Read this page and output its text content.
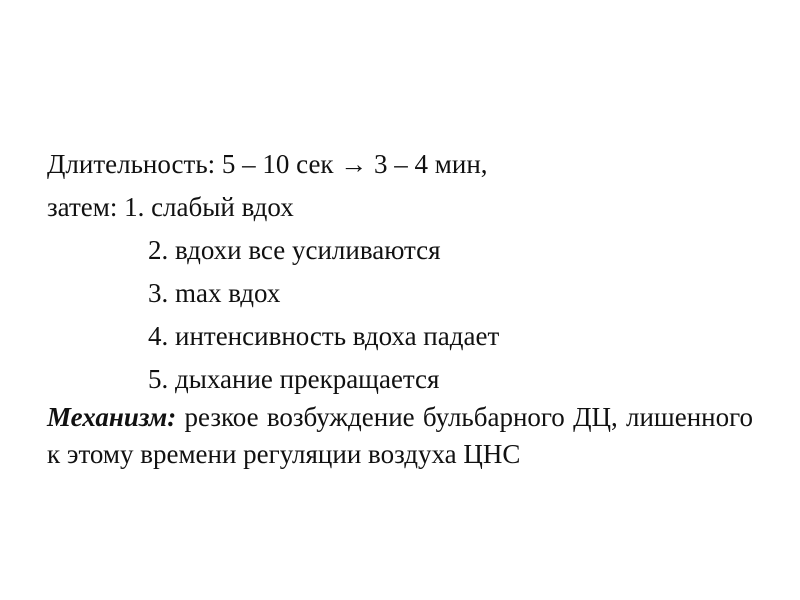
Длительность: 5 – 10 сек → 3 – 4 мин,
затем: 1. слабый вдох
2. вдохи все усиливаются
3. max вдох
4. интенсивность вдоха падает
5. дыхание прекращается
Механизм: резкое возбуждение бульбарного ДЦ, лишенного к этому времени регуляции воздуха ЦНС
